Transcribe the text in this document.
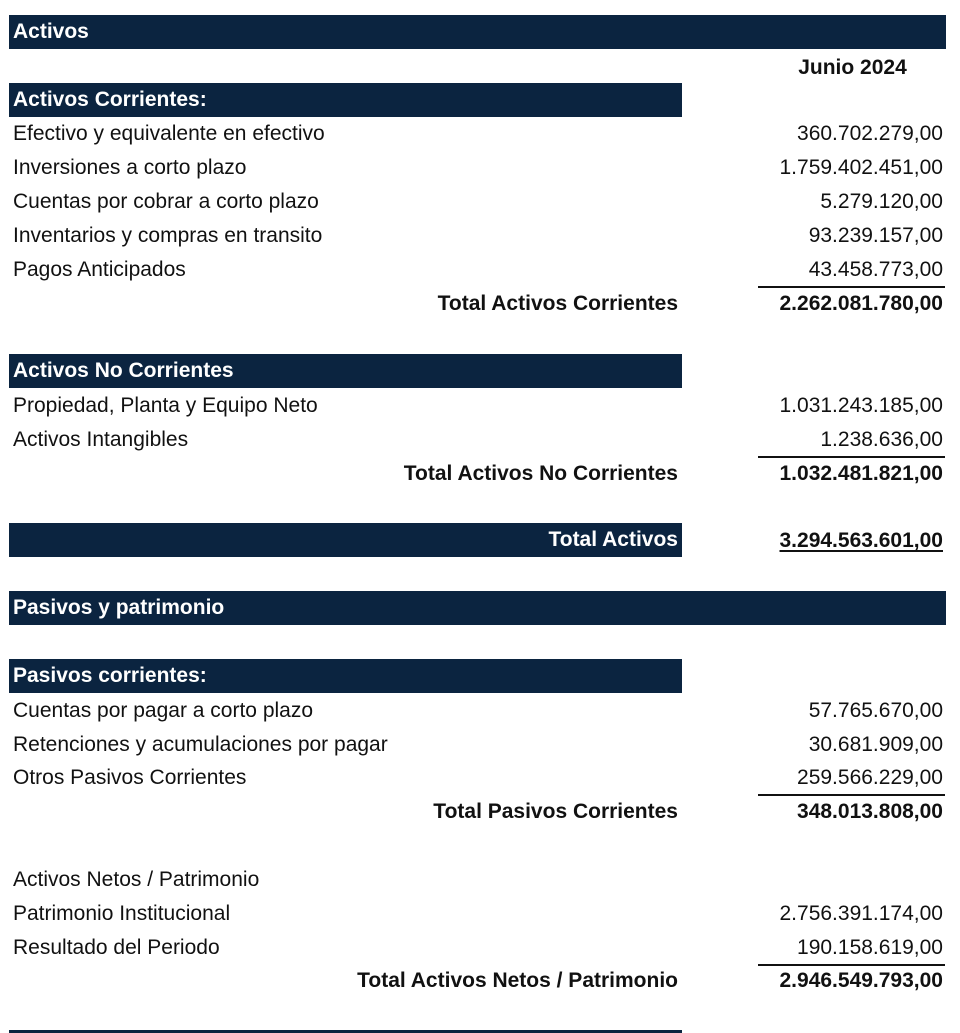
Activos
Junio 2024
Activos Corrientes:
Efectivo y equivalente en efectivo	360.702.279,00
Inversiones a corto plazo	1.759.402.451,00
Cuentas por cobrar a corto plazo	5.279.120,00
Inventarios y compras en transito	93.239.157,00
Pagos Anticipados	43.458.773,00
Total Activos Corrientes	2.262.081.780,00
Activos No Corrientes
Propiedad, Planta y Equipo Neto	1.031.243.185,00
Activos Intangibles	1.238.636,00
Total Activos No Corrientes	1.032.481.821,00
Total Activos	3.294.563.601,00
Pasivos y patrimonio
Pasivos corrientes:
Cuentas por pagar a corto plazo	57.765.670,00
Retenciones y acumulaciones por pagar	30.681.909,00
Otros Pasivos Corrientes	259.566.229,00
Total Pasivos Corrientes	348.013.808,00
Activos Netos / Patrimonio
Patrimonio Institucional	2.756.391.174,00
Resultado del Periodo	190.158.619,00
Total Activos Netos / Patrimonio	2.946.549.793,00
